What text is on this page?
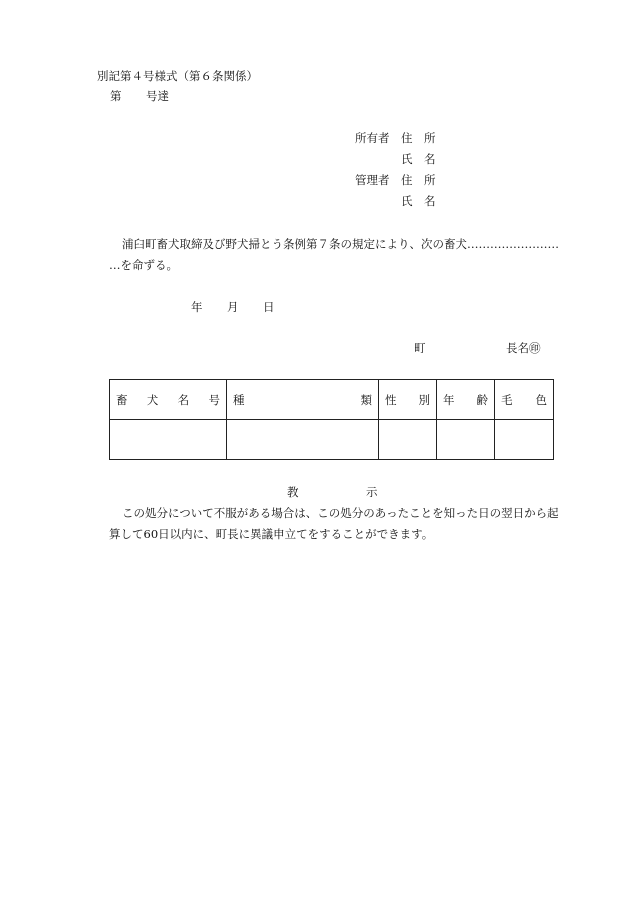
別記第４号様式（第６条関係）
第 号達
所有者 住　所
氏　名
管理者 住　所
氏　名
浦臼町畜犬取締及び野犬掃とう条例第７条の規定により、次の畜犬……………………
…を命ずる。
年 月 日
町	長名㊞
畜 犬 名 号	種 類	性 別	年 齢	毛 色

教	示
この処分について不服がある場合は、この処分のあったことを知った日の翌日から起
算して60日以内に、町長に異議申立てをすることができます。
